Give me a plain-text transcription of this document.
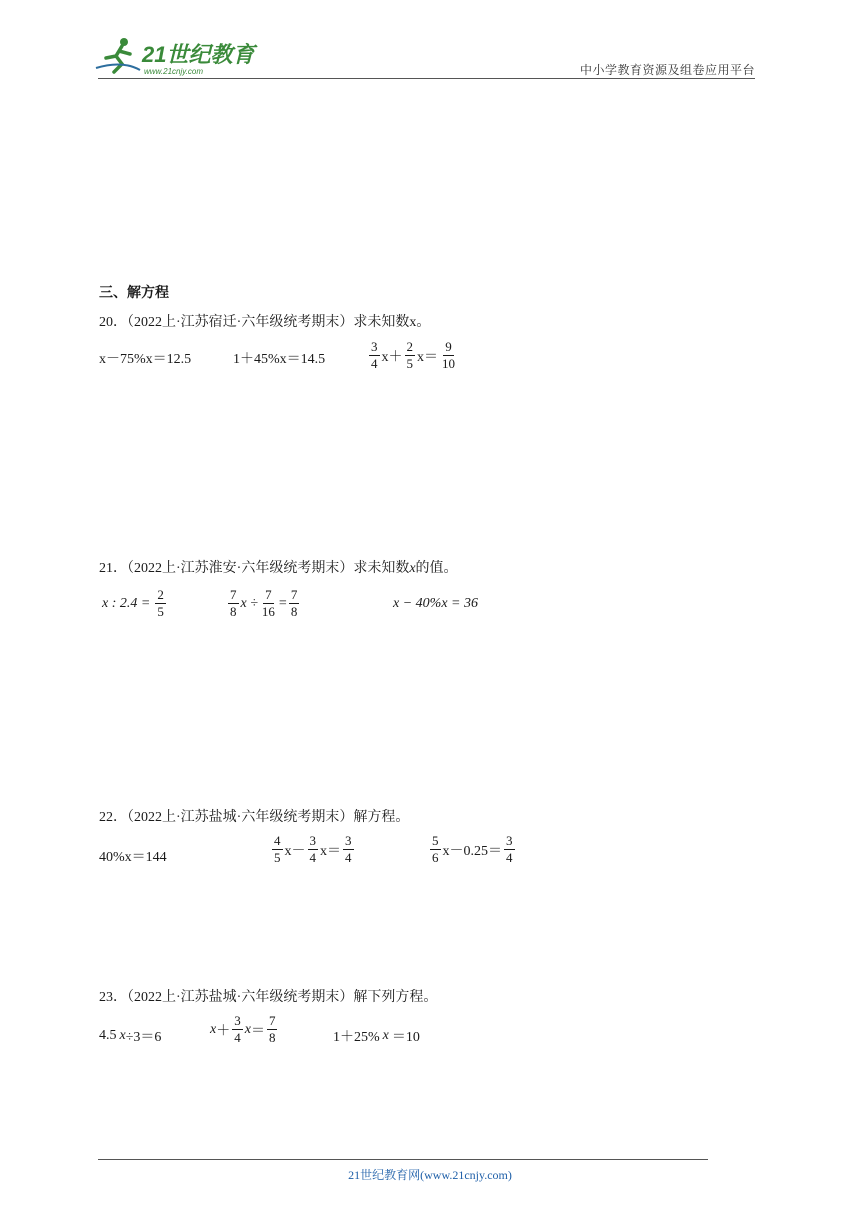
21世纪教育
www.21cnjy.com	中小学教育资源及组卷应用平台
三、解方程
20．（2022上·江苏宿迁·六年级统考期末）求未知数x。
x－75%x＝12.5	1＋45%x＝14.5	$\frac{3}{4} x+ \frac{2}{5} x= \frac{9}{10}$
21．（2022上·江苏淮安·六年级统考期末）求未知数x的值。
x : $2.4 = \frac{2}{5}$	$\frac{7}{8}$ $x \div \frac{7}{16} = \frac{7}{8}$	x − 40%x = 36
22．（2022上·江苏盐城·六年级统考期末）解方程。
40%x＝144	$\frac{4}{5} x- \frac{3}{4} x= \frac{3}{4}$	$\frac{5}{6} x-0.25= \frac{3}{4}$
23．（2022上·江苏盐城·六年级统考期末）解下列方程。
4.5 x ÷3＝6
$x + \frac{3}{4}$ $x = \frac{7}{8}$	1＋25% x ＝10
21世纪教育网(www.21cnjy.com)
